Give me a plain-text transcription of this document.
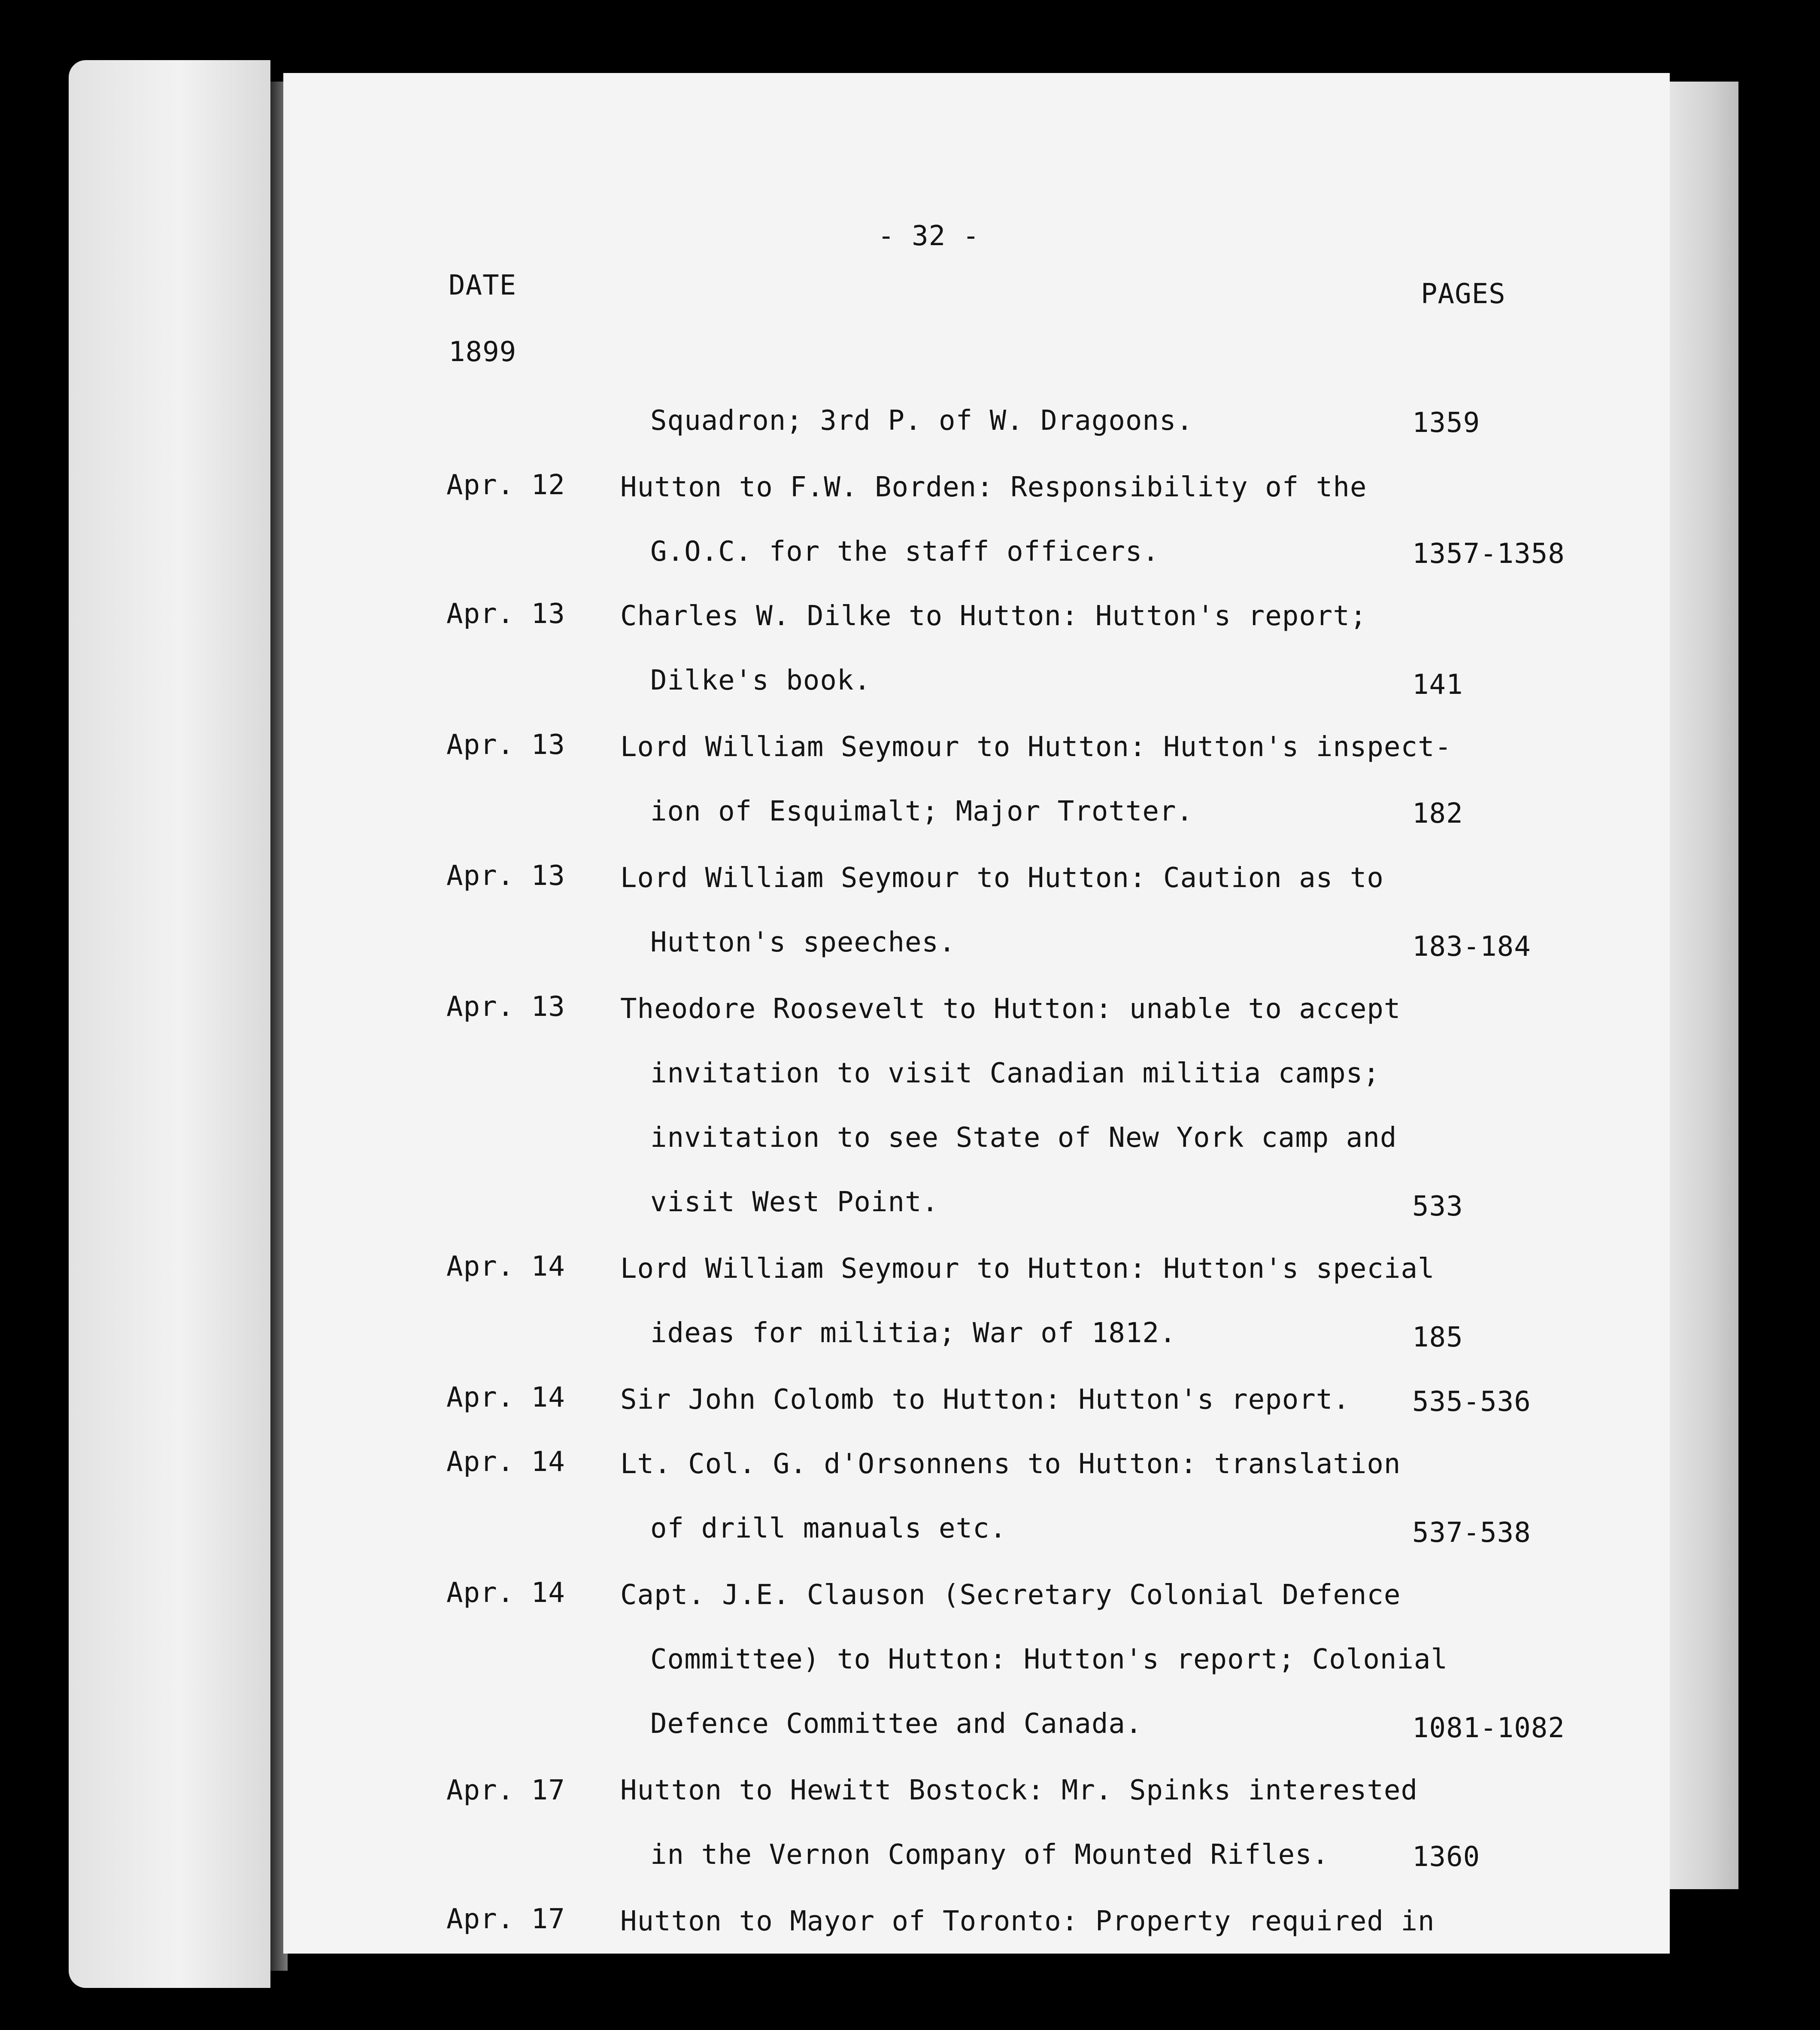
- 32 -
DATE	PAGES
1899
Squadron; 3rd P. of W. Dragoons.	1359
Apr. 12 Hutton to F.W. Borden: Responsibility of the
G.O.C. for the staff officers.	1357-1358
Apr. 13 Charles W. Dilke to Hutton: Hutton's report;
Dilke's book.	141
Apr. 13 Lord William Seymour to Hutton: Hutton's inspect-
ion of Esquimalt; Major Trotter.	182
Apr. 13 Lord William Seymour to Hutton: Caution as to
Hutton's speeches.	183-184
Apr. 13 Theodore Roosevelt to Hutton: unable to accept
invitation to visit Canadian militia camps;
invitation to see State of New York camp and
visit West Point.	533
Apr. 14 Lord William Seymour to Hutton: Hutton's special
ideas for militia; War of 1812.	185
Apr. 14 Sir John Colomb to Hutton: Hutton's report. 535-536
Apr. 14 Lt. Col. G. d'Orsonnens to Hutton: translation
of drill manuals etc.	537-538
Apr. 14 Capt. J.E. Clauson (Secretary Colonial Defence
Committee) to Hutton: Hutton's report; Colonial
Defence Committee and Canada.	1081-1082
Apr. 17 Hutton to Hewitt Bostock: Mr. Spinks interested
in the Vernon Company of Mounted Rifles.	1360
Apr. 17 Hutton to Mayor of Toronto: Property required in
